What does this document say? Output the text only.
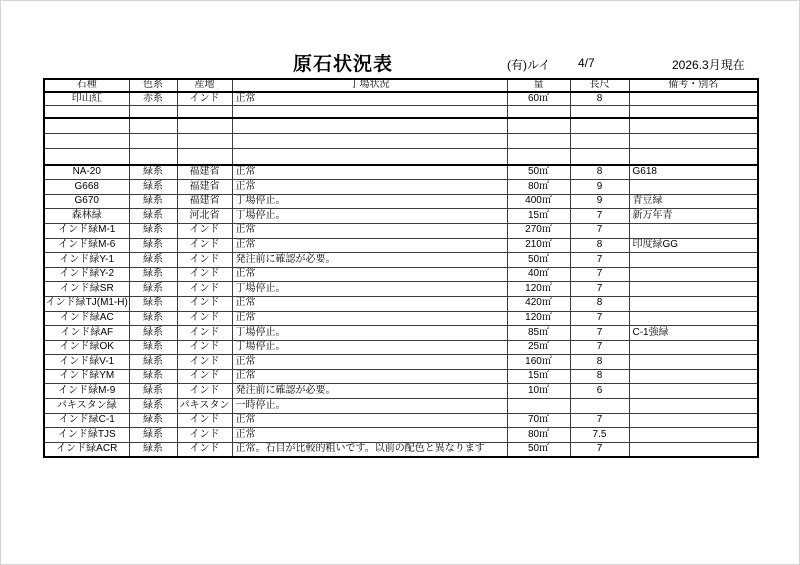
原石状況表	(有)ルイ 4/7	2026.3月現在
石種	色系	産地	丁場状況	量	長尺	備考・別名
印山紅	赤系	インド	正常	60㎡	8	

NA-20	緑系	福建省	正常	50㎡	8	G618
G668	緑系	福建省	正常	80㎡	9	
G670	緑系	福建省	丁場停止。	400㎡	9	青豆緑
森林緑	緑系	河北省	丁場停止。	15㎡	7	新万年青
インド緑M-1	緑系	インド	正常	270㎡	7	
インド緑M-6	緑系	インド	正常	210㎡	8	印度緑GG
インド緑Y-1	緑系	インド	発注前に確認が必要。	50㎡	7	
インド緑Y-2	緑系	インド	正常	40㎡	7	
インド緑SR	緑系	インド	丁場停止。	120㎡	7	
インド緑TJ(M1-H)	緑系	インド	正常	420㎡	8	
インド緑AC	緑系	インド	正常	120㎡	7	
インド緑AF	緑系	インド	丁場停止。	85㎡	7	C-1強緑
インド緑OK	緑系	インド	丁場停止。	25㎡	7	
インド緑V-1	緑系	インド	正常	160㎡	8	
インド緑YM	緑系	インド	正常	15㎡	8	
インド緑M-9	緑系	インド	発注前に確認が必要。	10㎡	6	
パキスタン緑	緑系	パキスタン	一時停止。			
インド緑C-1	緑系	インド	正常	70㎡	7	
インド緑TJS	緑系	インド	正常	80㎡	7.5	
インド緑ACR	緑系	インド	正常。石目が比較的粗いです。以前の配色と異なります	50㎡	7	
